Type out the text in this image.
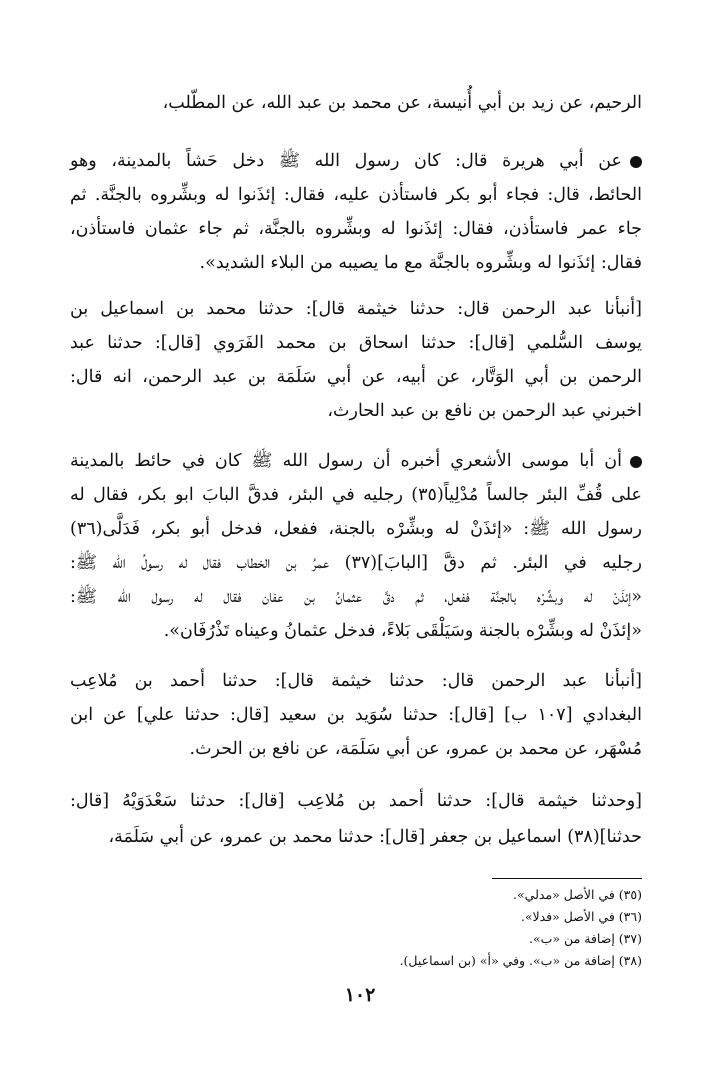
الرحيم، عن زيد بن أبي أُنيسة، عن محمد بن عبد الله، عن المطّلب،
عن أبي هريرة قال: كان رسول الله ﷺ دخل حَشاً بالمدينة، وهو
الحائط، قال: فجاء أبو بكر فاستأذن عليه، فقال: إئذَنوا له وبشِّروه بالجنَّة. ثم
جاء عمر فاستأذن، فقال: إئذَنوا له وبشِّروه بالجنَّة، ثم جاء عثمان فاستأذن،
فقال: إئذَنوا له وبشِّروه بالجنَّة مع ما يصيبه من البلاء الشديد».
[أنبأنا عبد الرحمن قال: حدثنا خيثمة قال]: حدثنا محمد بن اسماعيل بن
يوسف السُّلمي [قال]: حدثنا اسحاق بن محمد الفَرَوي [قال]: حدثنا عبد
الرحمن بن أبي الوَتَّار، عن أبيه، عن أبي سَلَمَة بن عبد الرحمن، انه قال:
اخبرني عبد الرحمن بن نافع بن عبد الحارث،
أن أبا موسى الأشعري أخبره أن رسول الله ﷺ كان في حائط بالمدينة
على قُفِّ البئر جالساً مُدْلِياً(٣٥) رجليه في البئر، فدقَّ البابَ ابو بكر، فقال له
رسول الله ﷺ: «إئذَنْ له وبشِّرْه بالجنة، ففعل، فدخل أبو بكر، فَدَلَّى(٣٦)
رجليه في البئر. ثم دقَّ [البابَ](٣٧) عمرُ بن الخطاب فقال له رسولُ الله ﷺ:
«إئذَنْ له وبشِّرْه بالجنَّة ففعل، ثم دقَّ عثمانُ بن عفان فقال له رسول الله ﷺ:
«إئذَنْ له وبشِّرْه بالجنة وسَيَلْقَى بَلاءً، فدخل عثمانُ وعيناه تَذْرُفَان».
[أنبأنا عبد الرحمن قال: حدثنا خيثمة قال]: حدثنا أحمد بن مُلاعِب
البغدادي [١٠٧ ب] [قال]: حدثنا سُوَيد بن سعيد [قال: حدثنا علي] عن ابن
مُسْهَر، عن محمد بن عمرو، عن أبي سَلَمَة، عن نافع بن الحرث.
[وحدثنا خيثمة قال]: حدثنا أحمد بن مُلاعِب [قال]: حدثنا سَعْدَوَيْهُ [قال:
حدثنا](٣٨) اسماعيل بن جعفر [قال]: حدثنا محمد بن عمرو، عن أبي سَلَمَة،
(٣٥) في الأصل «مدلي».
(٣٦) في الأصل «فدلا».
(٣٧) إضافة من «ب».
(٣٨) إضافة من «ب». وفي «أ» (بن اسماعيل).
١٠٢
